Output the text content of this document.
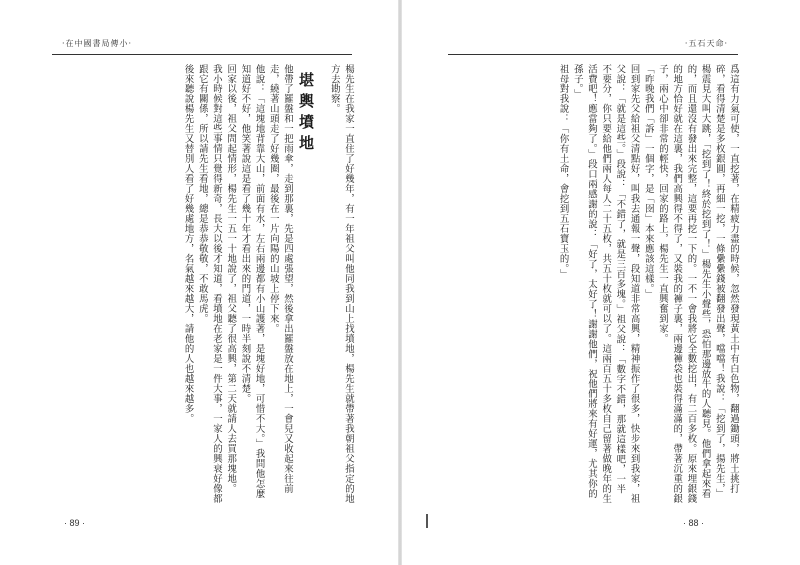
·在中國書局傳小·
堪輿墳地	楊先生在我家一直住了好幾年，有一年祖父叫他同我到山上找墳地，楊先生就帶著我朝祖父指定的地方去勘察。
他帶了羅盤和一把雨傘，走到那裏，先是四處張望，然後拿出羅盤放在地上，一會兒又收起來往前走，繞著山頭走了好幾圈，最後在一片向陽的山坡上停下來。
他說：「這塊地背靠大山，前面有水，左右兩邊都有小山護著，是塊好地，可惜不大。」我問他怎麼知道好不好，他笑著說這是看了幾十年才看出來的門道，一時半刻說不清楚。
回家以後，祖父問起情形，楊先生一五一十地說了，祖父聽了很高興，第二天就請人去買那塊地。
我小時候對這些事情只覺得新奇，長大以後才知道，看墳地在老家是一件大事，一家人的興衰好像都跟它有關係，所以請先生看地，總是恭恭敬敬，不敢馬虎。
後來聽說楊先生又替別人看了好幾處地方，名氣越來越大，請他的人也越來越多。
· 89 ·
·五石天命·
爲這有力氣可使，一直挖著，在精疲力盡的時候，忽然發現黃土中有白色物，翻過鋤頭，將土挑打碎，看得清楚是多枚銀圓，再細一挖，一條纍纍錢被翻發出聲，噹噹！我說：「挖到了，揚先生，」楊震見大叫大跳，「挖到了！終於挖到了！」楊先生小聲些，恐怕那邊放牛的人聽見。他們拿起來看的，而且還沒有發出來完整，這要再挖一下的。一不一會我將它全數挖出，有二百多枚。原來埋銀錢的地方恰好就在這裏，我們高興得不得了，又裝我的褲子裏，兩邊褲袋也裝得滿滿的，帶著沉重的銀子，兩心中卻非常的輕快，回家的路上，楊先生一直興奮到家。
「昨晚我們「訴」一個字，是「囹」本來應該這樣。」
回到家先父給祖父清點好，叫我去通報一聲，段知道非常高興，精神振作了很多，快步來到我家，祖父說：「就是這些。」段說：「不錯了，就是三百多塊。」祖父說：「數字不錯，那就這樣吧，一半不要分，你只要給他們兩人每人二十五枚，共五十枚就可以了。這兩百五十多枚自己留著做晚年的生活費吧！應當夠了。」段口兩感謝的說：「好了，太好了！謝謝他們，祝他們將來有好運，尤其你的孫子。」
祖母對我說：「你有土命，會挖到五石寶玉的。」
· 88 ·
